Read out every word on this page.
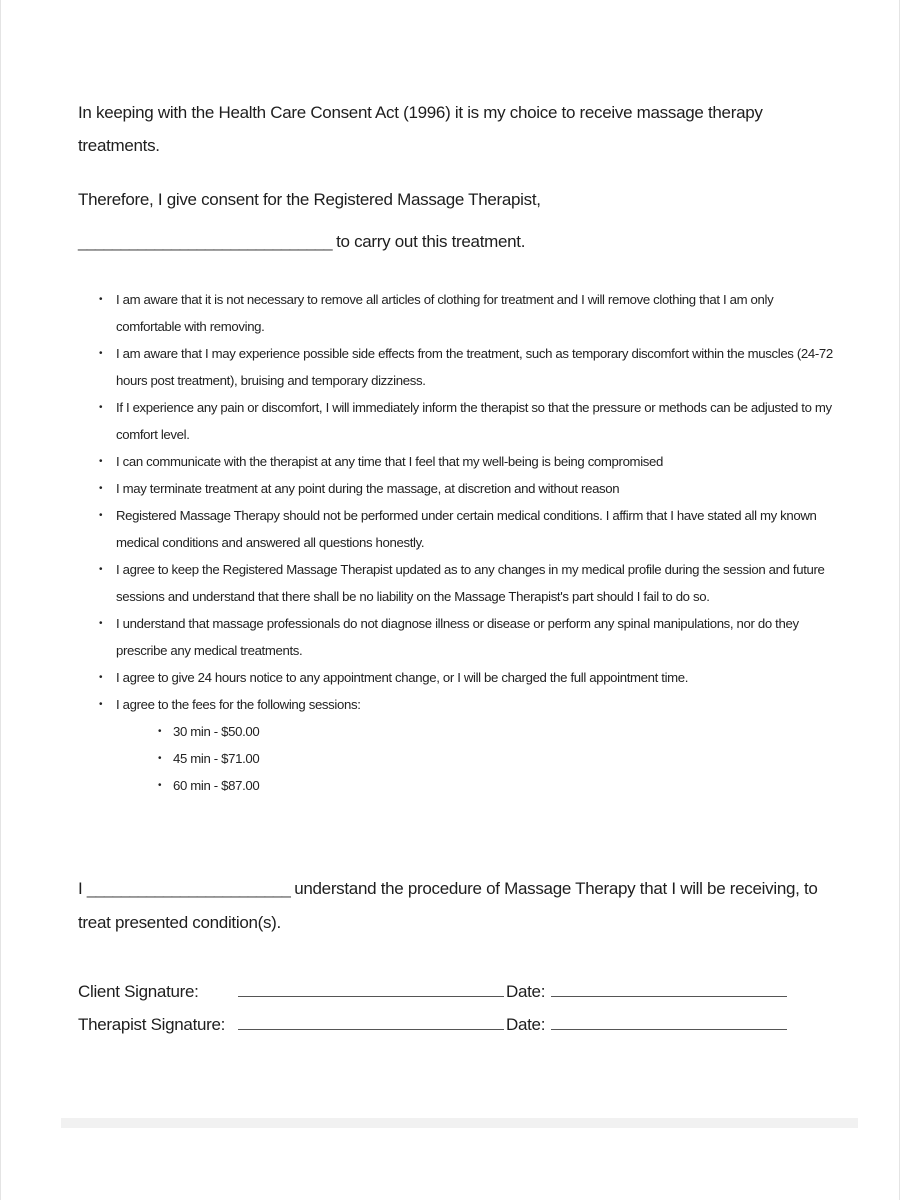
In keeping with the Health Care Consent Act (1996) it is my choice to receive massage therapy
treatments.
Therefore, I give consent for the Registered Massage Therapist,
______________________________ to carry out this treatment.
• I am aware that it is not necessary to remove all articles of clothing for treatment and I will remove clothing that I am only comfortable with removing.
• I am aware that I may experience possible side effects from the treatment, such as temporary discomfort within the muscles (24-72 hours post treatment), bruising and temporary dizziness.
• If I experience any pain or discomfort, I will immediately inform the therapist so that the pressure or methods can be adjusted to my comfort level.
• I can communicate with the therapist at any time that I feel that my well-being is being compromised
• I may terminate treatment at any point during the massage, at discretion and without reason
• Registered Massage Therapy should not be performed under certain medical conditions. I affirm that I have stated all my known medical conditions and answered all questions honestly.
• I agree to keep the Registered Massage Therapist updated as to any changes in my medical profile during the session and future sessions and understand that there shall be no liability on the Massage Therapist's part should I fail to do so.
• I understand that massage professionals do not diagnose illness or disease or perform any spinal manipulations, nor do they prescribe any medical treatments.
• I agree to give 24 hours notice to any appointment change, or I will be charged the full appointment time.
• I agree to the fees for the following sessions:
• 30 min - $50.00
• 45 min - $71.00
• 60 min - $87.00
I ________________________ understand the procedure of Massage Therapy that I will be receiving, to treat presented condition(s).
Client Signature:	Date:
Therapist Signature:	Date:
